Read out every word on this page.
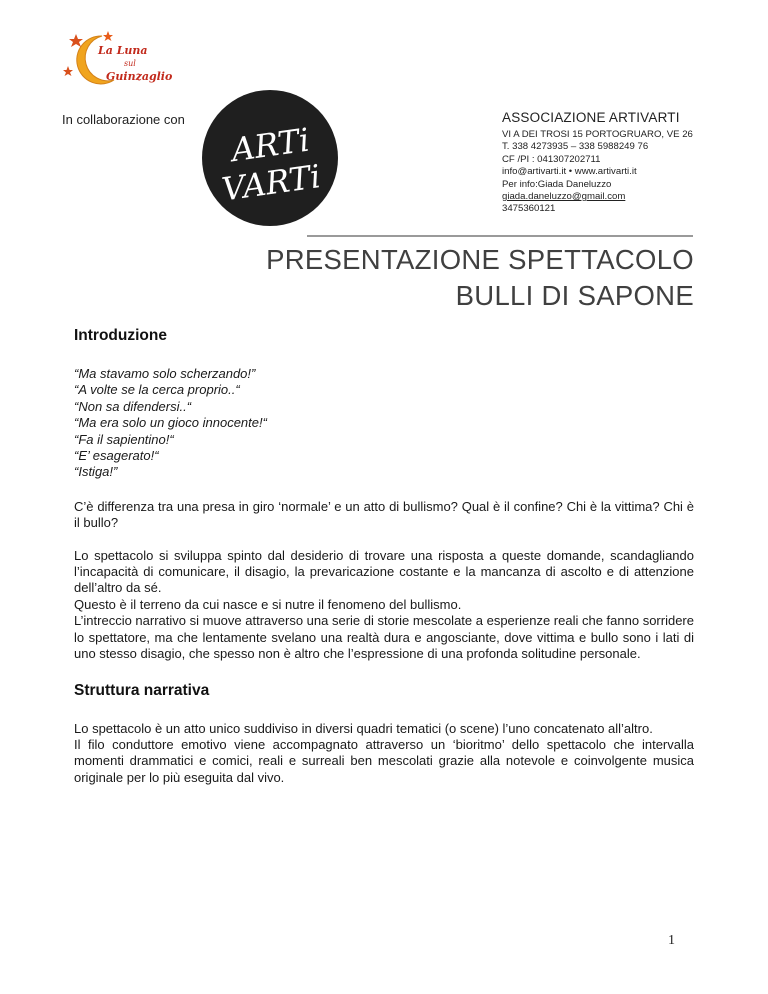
La Luna
sul
Guinzaglio
In collaborazione con
ARTi
VARTi
ASSOCIAZIONE ARTIVARTI
VI A DEI TROSI 15 PORTOGRUARO, VE 26
T. 338 4273935 – 338 5988249 76
CF /PI : 041307202711
info@artivarti.it • www.artivarti.it
Per info:Giada Daneluzzo
giada.daneluzzo@gmail.com
3475360121
PRESENTAZIONE SPETTACOLO
BULLI DI SAPONE
Introduzione

“Ma stavamo solo scherzando!”

“A volte se la cerca proprio..“

“Non sa difendersi..“

“Ma era solo un gioco innocente!“

“Fa il sapientino!“

“E’ esagerato!“

“Istiga!”

C’è differenza tra una presa in giro ‘normale’ e un atto di bullismo? Qual è il confine? Chi è la vittima? Chi è il bullo?

Lo spettacolo si sviluppa spinto dal desiderio di trovare una risposta a queste domande, scandagliando l’incapacità di comunicare, il disagio, la prevaricazione costante e la mancanza di ascolto e di attenzione dell’altro da sé.

Questo è il terreno da cui nasce e si nutre il fenomeno del bullismo.

L’intreccio narrativo si muove attraverso una serie di storie mescolate a esperienze reali che fanno sorridere lo spettatore, ma che lentamente svelano una realtà dura e angosciante, dove vittima e bullo sono i lati di uno stesso disagio, che spesso non è altro che l’espressione di una profonda solitudine personale.

Struttura narrativa

Lo spettacolo è un atto unico suddiviso in diversi quadri tematici (o scene) l’uno concatenato all’altro.

Il filo conduttore emotivo viene accompagnato attraverso un ‘bioritmo’ dello spettacolo che intervalla momenti drammatici e comici, reali e surreali ben mescolati grazie alla notevole e coinvolgente musica originale per lo più eseguita dal vivo.

1
